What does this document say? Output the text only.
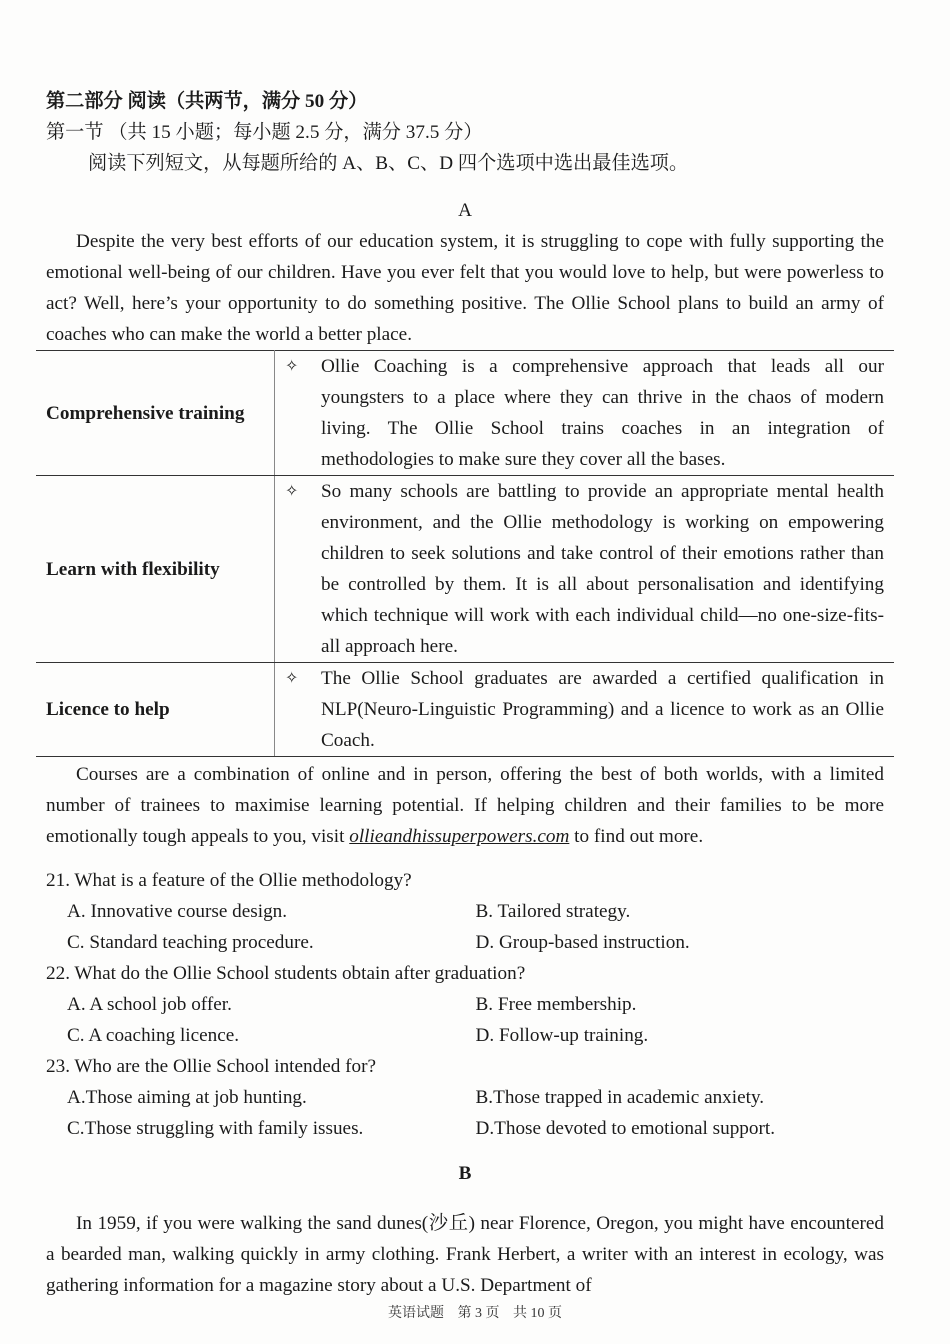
第二部分 阅读（共两节，满分 50 分）

第一节 （共 15 小题；每小题 2.5 分，满分 37.5 分）

阅读下列短文，从每题所给的 A、B、C、D 四个选项中选出最佳选项。

A

Despite the very best efforts of our education system, it is struggling to cope with fully supporting the emotional well-being of our children. Have you ever felt that you would love to help, but were powerless to act? Well, here’s your opportunity to do something positive. The Ollie School plans to build an army of coaches who can make the world a better place.

Comprehensive training	✧ Ollie Coaching is a comprehensive approach that leads all our youngsters to a place where they can thrive in the chaos of modern living. The Ollie School trains coaches in an integration of methodologies to make sure they cover all the bases.

Learn with flexibility	✧ So many schools are battling to provide an appropriate mental health environment, and the Ollie methodology is working on empowering children to seek solutions and take control of their emotions rather than be controlled by them. It is all about personalisation and identifying which technique will work with each individual child—no one-size-fits-all approach here.

Licence to help	✧ The Ollie School graduates are awarded a certified qualification in NLP(Neuro-Linguistic Programming) and a licence to work as an Ollie Coach.

Courses are a combination of online and in person, offering the best of both worlds, with a limited number of trainees to maximise learning potential. If helping children and their families to be more emotionally tough appeals to you, visit ollieandhissuperpowers.com to find out more.

21. What is a feature of the Ollie methodology?

A. Innovative course design.	B. Tailored strategy.
C. Standard teaching procedure.	D. Group-based instruction.

22. What do the Ollie School students obtain after graduation?

A. A school job offer.	B. Free membership.
C. A coaching licence.	D. Follow-up training.

23. Who are the Ollie School intended for?

A.Those aiming at job hunting.	B.Those trapped in academic anxiety.
C.Those struggling with family issues.	D.Those devoted to emotional support.

B

In 1959, if you were walking the sand dunes(沙丘) near Florence, Oregon, you might have encountered a bearded man, walking quickly in army clothing. Frank Herbert, a writer with an interest in ecology, was gathering information for a magazine story about a U.S. Department of

英语试题 第 3 页 共 10 页
